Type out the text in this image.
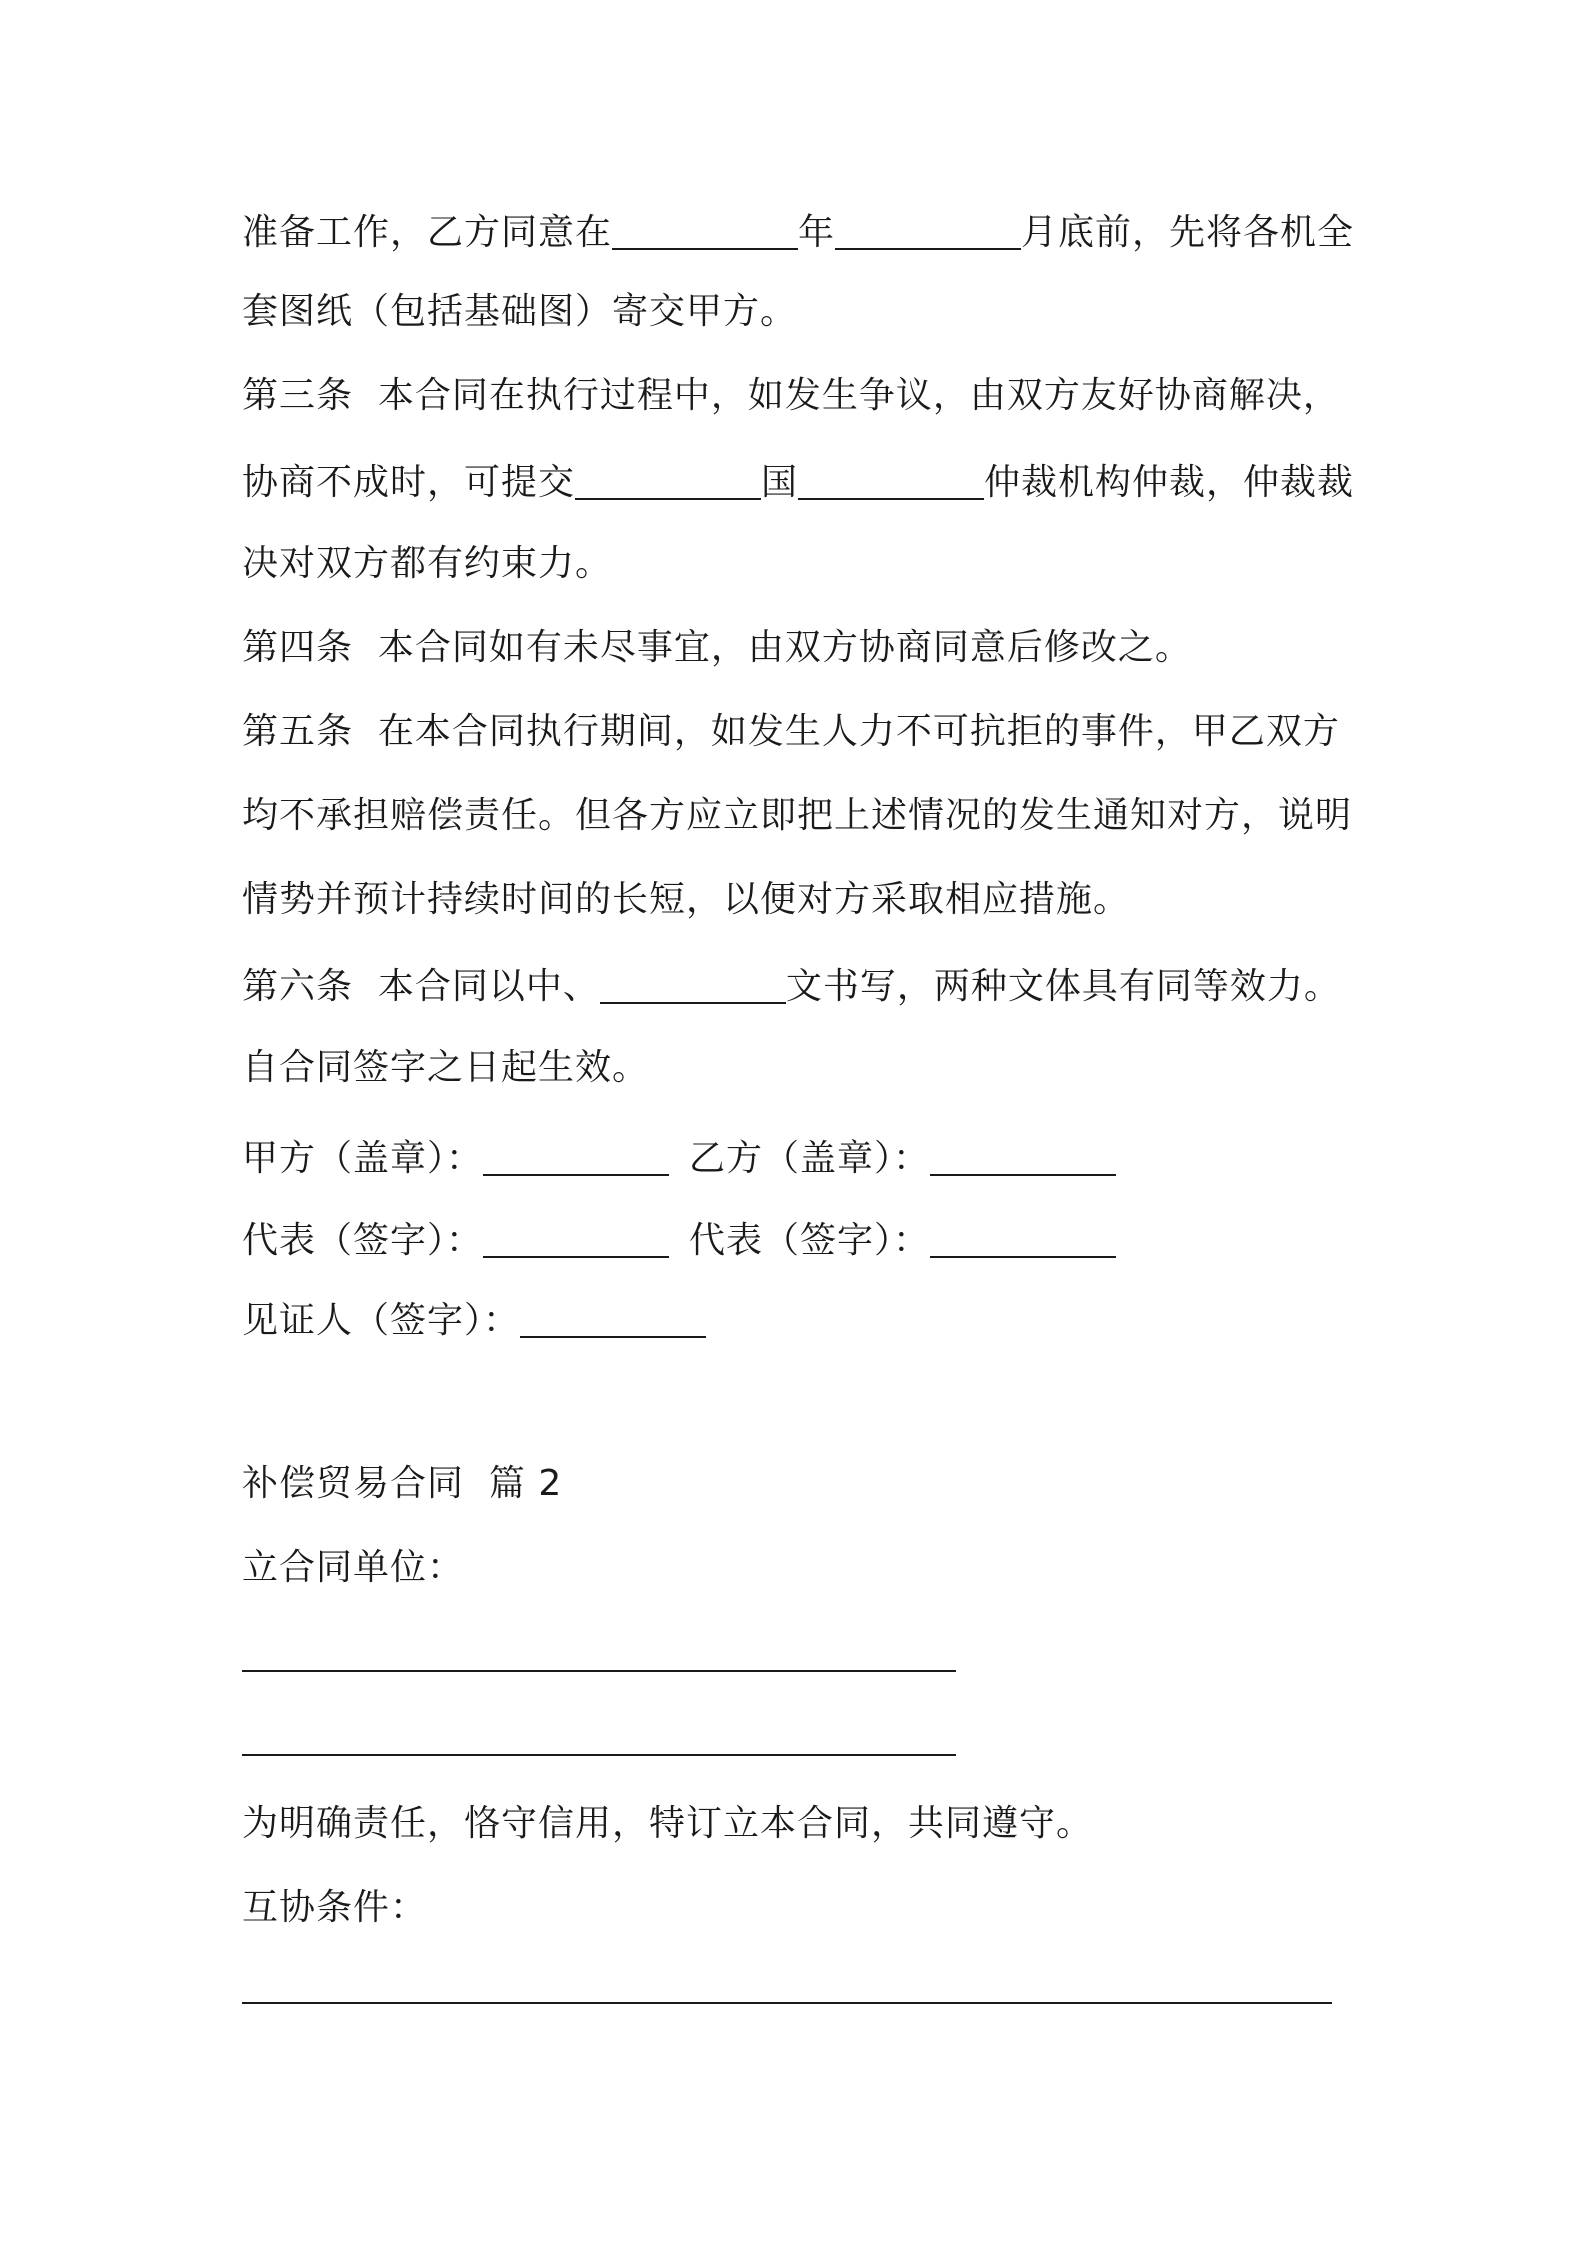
准备工作，乙方同意在	年	月底前，先将各机全
套图纸（包括基础图）寄交甲方。
第三条  本合同在执行过程中，如发生争议，由双方友好协商解决，
协商不成时，可提交	国	仲裁机构仲裁，仲裁裁
决对双方都有约束力。
第四条  本合同如有未尽事宜，由双方协商同意后修改之。
第五条  在本合同执行期间，如发生人力不可抗拒的事件，甲乙双方
均不承担赔偿责任。但各方应立即把上述情况的发生通知对方，说明
情势并预计持续时间的长短，以便对方采取相应措施。
第六条  本合同以中、	文书写，两种文体具有同等效力。
自合同签字之日起生效。
甲方（盖章）：	乙方（盖章）：
代表（签字）：	代表（签字）：
见证人（签字）：
补偿贸易合同  篇 2
立合同单位：
为明确责任，恪守信用，特订立本合同，共同遵守。
互协条件：
